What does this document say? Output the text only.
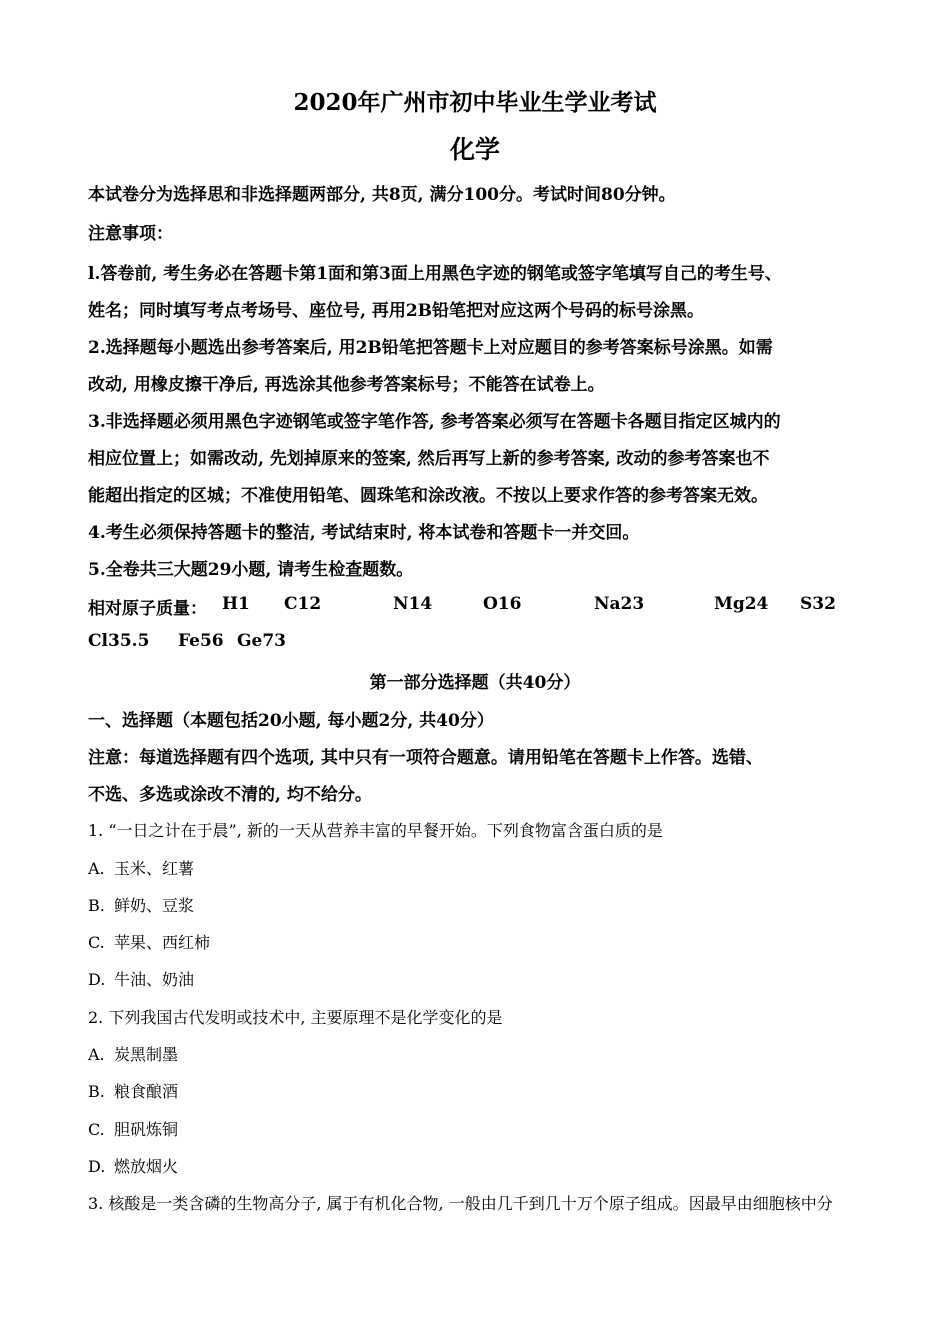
2020年广州市初中毕业生学业考试
化学
本试卷分为选择思和非选择题两部分, 共8页, 满分100分。考试时间80分钟。
注意事项：
l.答卷前, 考生务必在答题卡第1面和第3面上用黑色字迹的钢笔或签字笔填写自己的考生号、
姓名；同时填写考点考场号、座位号, 再用2B铅笔把对应这两个号码的标号涂黑。
2.选择题每小题选出参考答案后, 用2B铅笔把答题卡上对应题目的参考答案标号涂黑。如需
改动, 用橡皮擦干净后, 再选涂其他参考答案标号；不能答在试卷上。
3.非选择题必须用黑色字迹钢笔或签字笔作答, 参考答案必须写在答题卡各题目指定区城内的
相应位置上；如需改动, 先划掉原来的签案, 然后再写上新的参考答案, 改动的参考答案也不
能超出指定的区城；不准使用铅笔、圆珠笔和涂改液。不按以上要求作答的参考答案无效。
4.考生必须保持答题卡的整洁, 考试结束时, 将本试卷和答题卡一并交回。
5.全卷共三大题29小题, 请考生检查题数。
相对原子质量： H1 C12	N14	O16	Na23	Mg24 S32
Cl35.5 Fe56 Ge73
第一部分选择题（共40分）
一、选择题（本题包括20小题, 每小题2分, 共40分）
注意：每道选择题有四个选项, 其中只有一项符合题意。请用铅笔在答题卡上作答。选错、
不选、多选或涂改不清的, 均不给分。
1. “一日之计在于晨”, 新的一天从营养丰富的早餐开始。下列食物富含蛋白质的是
A. 玉米、红薯
B. 鲜奶、豆浆
C. 苹果、西红柿
D. 牛油、奶油
2. 下列我国古代发明或技术中, 主要原理不是化学变化的是
A. 炭黑制墨
B. 粮食酿酒
C. 胆矾炼铜
D. 燃放烟火
3. 核酸是一类含磷的生物高分子, 属于有机化合物, 一般由几千到几十万个原子组成。因最早由细胞核中分
